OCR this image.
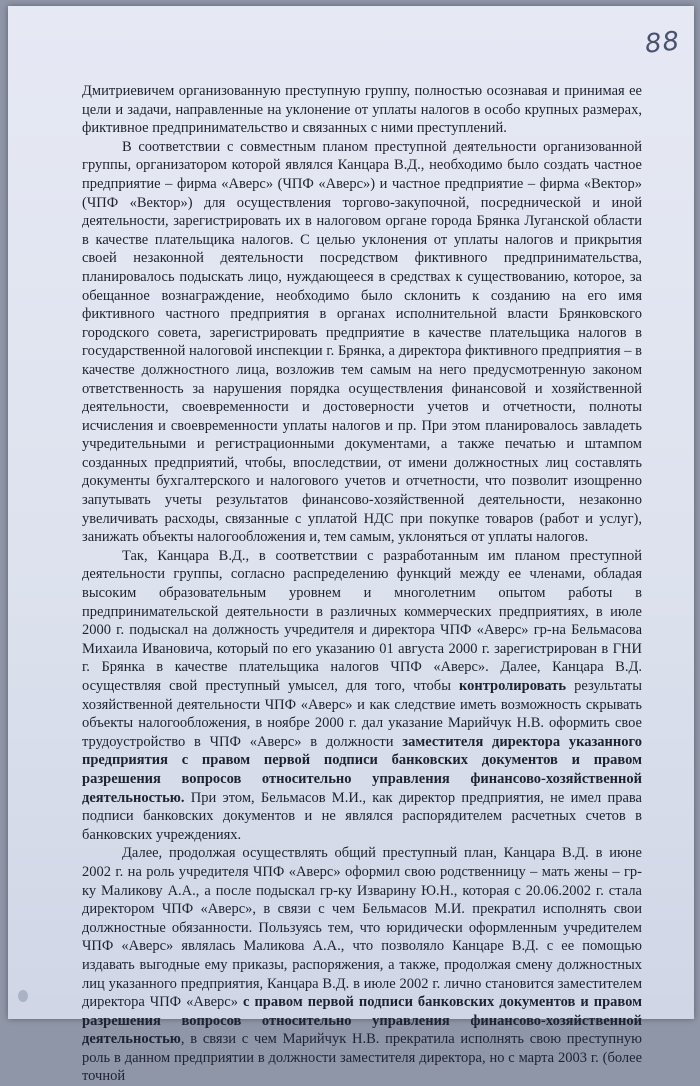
88

Дмитриевичем организованную преступную группу, полностью осознавая и принимая ее цели и задачи, направленные на уклонение от уплаты налогов в особо крупных размерах, фиктивное предпринимательство и связанных с ними преступлений.

В соответствии с совместным планом преступной деятельности организованной группы, организатором которой являлся Канцара В.Д., необходимо было создать частное предприятие – фирма «Аверс» (ЧПФ «Аверс») и частное предприятие – фирма «Вектор» (ЧПФ «Вектор») для осуществления торгово-закупочной, посреднической и иной деятельности, зарегистрировать их в налоговом органе города Брянка Луганской области в качестве плательщика налогов. С целью уклонения от уплаты налогов и прикрытия своей незаконной деятельности посредством фиктивного предпринимательства, планировалось подыскать лицо, нуждающееся в средствах к существованию, которое, за обещанное вознаграждение, необходимо было склонить к созданию на его имя фиктивного частного предприятия в органах исполнительной власти Брянковского городского совета, зарегистрировать предприятие в качестве плательщика налогов в государственной налоговой инспекции г. Брянка, а директора фиктивного предприятия – в качестве должностного лица, возложив тем самым на него предусмотренную законом ответственность за нарушения порядка осуществления финансовой и хозяйственной деятельности, своевременности и достоверности учетов и отчетности, полноты исчисления и своевременности уплаты налогов и пр. При этом планировалось завладеть учредительными и регистрационными документами, а также печатью и штампом созданных предприятий, чтобы, впоследствии, от имени должностных лиц составлять документы бухгалтерского и налогового учетов и отчетности, что позволит изощренно запутывать учеты результатов финансово-хозяйственной деятельности, незаконно увеличивать расходы, связанные с уплатой НДС при покупке товаров (работ и услуг), занижать объекты налогообложения и, тем самым, уклоняться от уплаты налогов.

Так, Канцара В.Д., в соответствии с разработанным им планом преступной деятельности группы, согласно распределению функций между ее членами, обладая высоким образовательным уровнем и многолетним опытом работы в предпринимательской деятельности в различных коммерческих предприятиях, в июле 2000 г. подыскал на должность учредителя и директора ЧПФ «Аверс» гр-на Бельмасова Михаила Ивановича, который по его указанию 01 августа 2000 г. зарегистрирован в ГНИ г. Брянка в качестве плательщика налогов ЧПФ «Аверс». Далее, Канцара В.Д. осуществляя свой преступный умысел, для того, чтобы контролировать результаты хозяйственной деятельности ЧПФ «Аверс» и как следствие иметь возможность скрывать объекты налогообложения, в ноябре 2000 г. дал указание Марийчук Н.В. оформить свое трудоустройство в ЧПФ «Аверс» в должности заместителя директора указанного предприятия с правом первой подписи банковских документов и правом разрешения вопросов относительно управления финансово-хозяйственной деятельностью. При этом, Бельмасов М.И., как директор предприятия, не имел права подписи банковских документов и не являлся распорядителем расчетных счетов в банковских учреждениях.

Далее, продолжая осуществлять общий преступный план, Канцара В.Д. в июне 2002 г. на роль учредителя ЧПФ «Аверс» оформил свою родственницу – мать жены – гр-ку Маликову А.А., а после подыскал гр-ку Изварину Ю.Н., которая с 20.06.2002 г. стала директором ЧПФ «Аверс», в связи с чем Бельмасов М.И. прекратил исполнять свои должностные обязанности. Пользуясь тем, что юридически оформленным учредителем ЧПФ «Аверс» являлась Маликова А.А., что позволяло Канцаре В.Д. с ее помощью издавать выгодные ему приказы, распоряжения, а также, продолжая смену должностных лиц указанного предприятия, Канцара В.Д. в июле 2002 г. лично становится заместителем директора ЧПФ «Аверс» с правом первой подписи банковских документов и правом разрешения вопросов относительно управления финансово-хозяйственной деятельностью, в связи с чем Марийчук Н.В. прекратила исполнять свою преступную роль в данном предприятии в должности заместителя директора, но с марта 2003 г. (более точной
